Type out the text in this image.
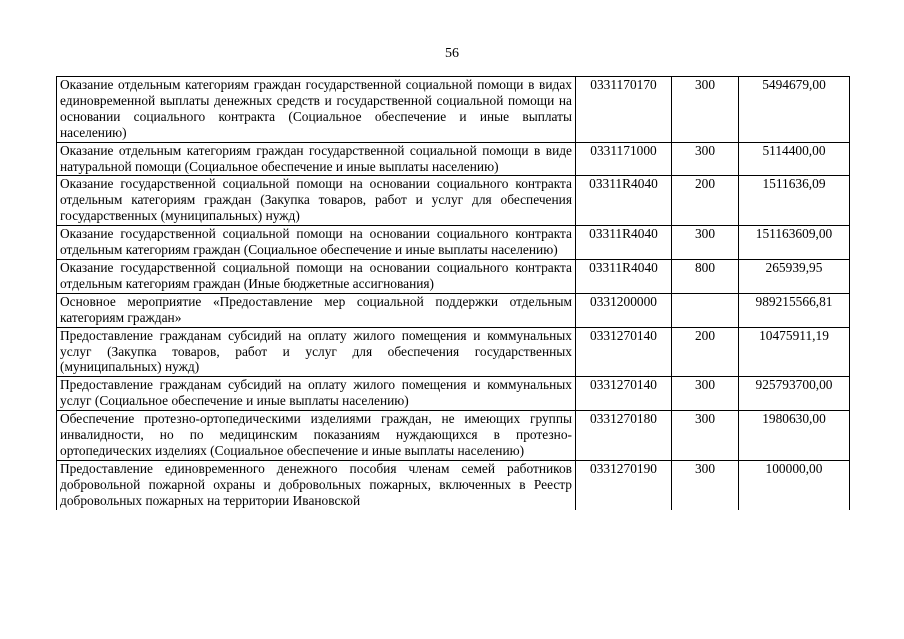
56
Оказание отдельным категориям граждан государственной социальной помощи в видах единовременной выплаты денежных средств и государственной социальной помощи на основании социального контракта (Социальное обеспечение и иные выплаты населению)	0331170170	300	5494679,00
Оказание отдельным категориям граждан государственной социальной помощи в виде натуральной помощи (Социальное обеспечение и иные выплаты населению)	0331171000	300	5114400,00
Оказание государственной социальной помощи на основании социального контракта отдельным категориям граждан (Закупка товаров, работ и услуг для обеспечения государственных (муниципальных) нужд)	03311R4040	200	1511636,09
Оказание государственной социальной помощи на основании социального контракта отдельным категориям граждан (Социальное обеспечение и иные выплаты населению)	03311R4040	300	151163609,00
Оказание государственной социальной помощи на основании социального контракта отдельным категориям граждан (Иные бюджетные ассигнования)	03311R4040	800	265939,95
Основное мероприятие «Предоставление мер социальной поддержки отдельным категориям граждан»	0331200000		989215566,81
Предоставление гражданам субсидий на оплату жилого помещения и коммунальных услуг (Закупка товаров, работ и услуг для обеспечения государственных (муниципальных) нужд)	0331270140	200	10475911,19
Предоставление гражданам субсидий на оплату жилого помещения и коммунальных услуг (Социальное обеспечение и иные выплаты населению)	0331270140	300	925793700,00
Обеспечение протезно-ортопедическими изделиями граждан, не имеющих группы инвалидности, но по медицинским показаниям нуждающихся в протезно-ортопедических изделиях (Социальное обеспечение и иные выплаты населению)	0331270180	300	1980630,00
Предоставление единовременного денежного пособия членам семей работников добровольной пожарной охраны и добровольных пожарных, включенных в Реестр добровольных пожарных на территории Ивановской	0331270190	300	100000,00
